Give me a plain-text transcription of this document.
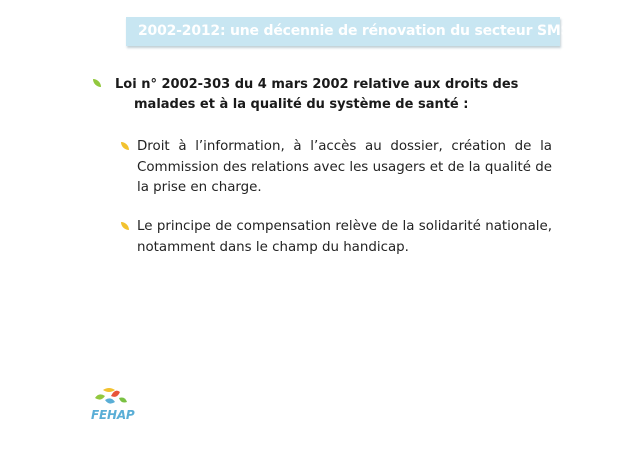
2002-2012: une décennie de rénovation du secteur SMS?
Loi n° 2002-303 du 4 mars 2002 relative aux droits des malades et à la qualité du système de santé :
Droit à l’information, à l’accès au dossier, création de la Commission des relations avec les usagers et de la qualité de la prise en charge.
Le principe de compensation relève de la solidarité nationale, notamment dans le champ du handicap.
FEHAP
